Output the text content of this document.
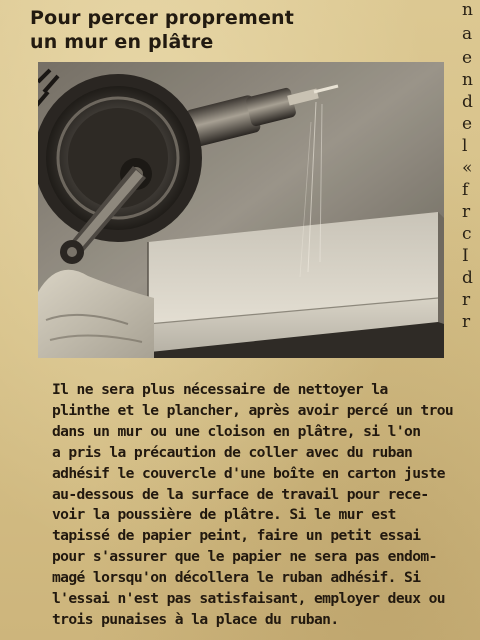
Pour percer proprement
un mur en plâtre
n
a
e
n
d
e
l
«
f
r
c
I
d
r
r
Il ne sera plus nécessaire de nettoyer la
plinthe et le plancher, après avoir percé un trou
dans un mur ou une cloison en plâtre, si l'on
a pris la précaution de coller avec du ruban
adhésif le couvercle d'une boîte en carton juste
au-dessous de la surface de travail pour rece-
voir la poussière de plâtre. Si le mur est
tapissé de papier peint, faire un petit essai
pour s'assurer que le papier ne sera pas endom-
magé lorsqu'on décollera le ruban adhésif. Si
l'essai n'est pas satisfaisant, employer deux ou
trois punaises à la place du ruban.
